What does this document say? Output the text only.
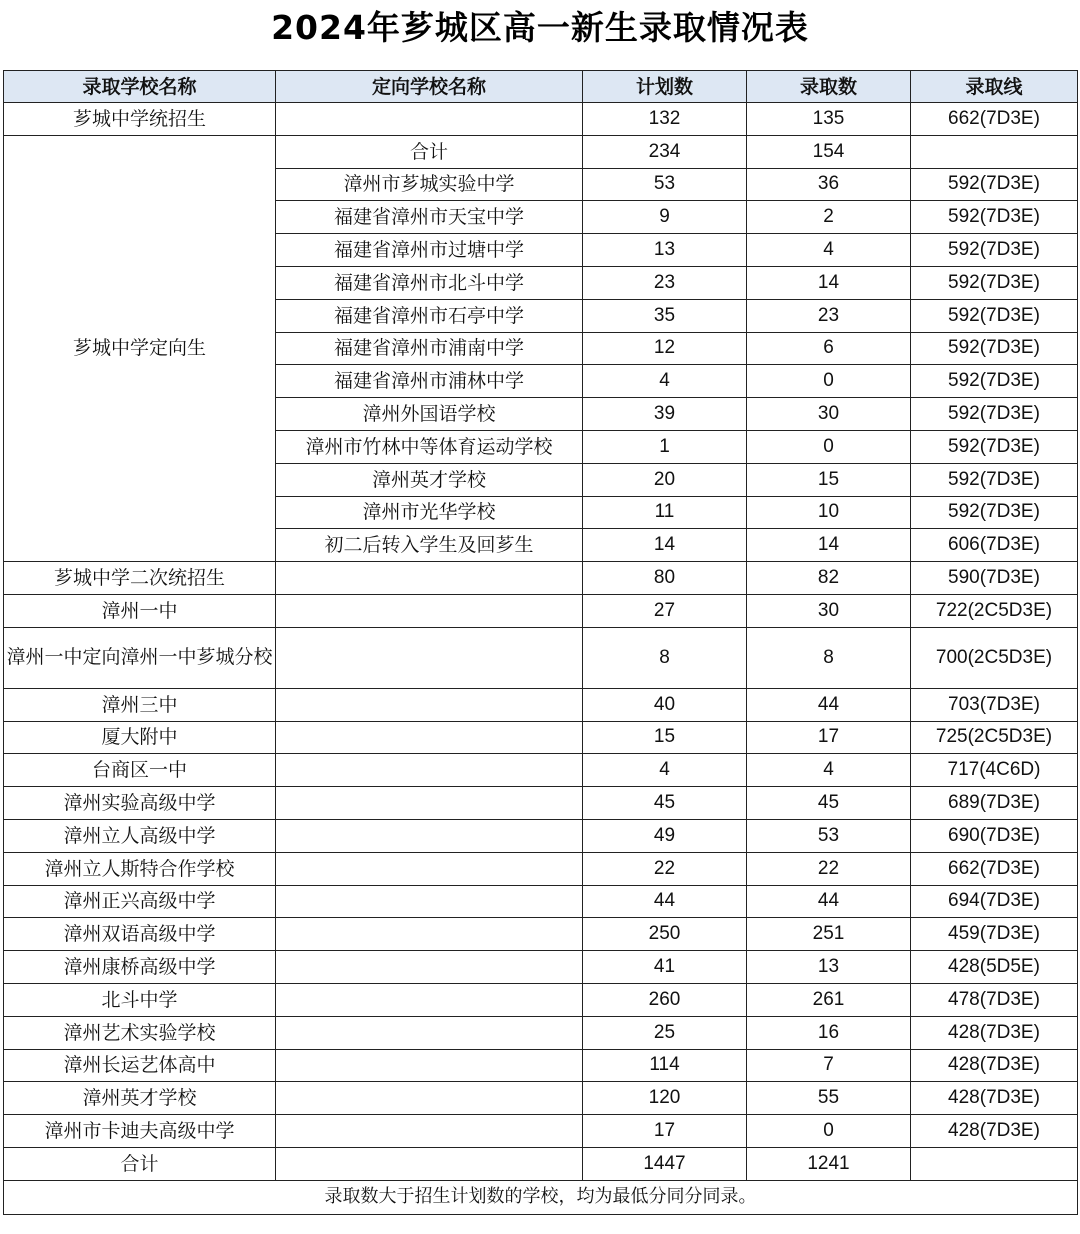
2024年芗城区高一新生录取情况表
录取学校名称	定向学校名称	计划数	录取数	录取线
芗城中学统招生		132	135	662(7D3E)
芗城中学定向生	合计	234	154	
	漳州市芗城实验中学	53	36	592(7D3E)
	福建省漳州市天宝中学	9	2	592(7D3E)
	福建省漳州市过塘中学	13	4	592(7D3E)
	福建省漳州市北斗中学	23	14	592(7D3E)
	福建省漳州市石亭中学	35	23	592(7D3E)
	福建省漳州市浦南中学	12	6	592(7D3E)
	福建省漳州市浦林中学	4	0	592(7D3E)
	漳州外国语学校	39	30	592(7D3E)
	漳州市竹林中等体育运动学校	1	0	592(7D3E)
	漳州英才学校	20	15	592(7D3E)
	漳州市光华学校	11	10	592(7D3E)
	初二后转入学生及回芗生	14	14	606(7D3E)
芗城中学二次统招生		80	82	590(7D3E)
漳州一中		27	30	722(2C5D3E)
漳州一中定向漳州一中芗城分校		8	8	700(2C5D3E)
漳州三中		40	44	703(7D3E)
厦大附中		15	17	725(2C5D3E)
台商区一中		4	4	717(4C6D)
漳州实验高级中学		45	45	689(7D3E)
漳州立人高级中学		49	53	690(7D3E)
漳州立人斯特合作学校		22	22	662(7D3E)
漳州正兴高级中学		44	44	694(7D3E)
漳州双语高级中学		250	251	459(7D3E)
漳州康桥高级中学		41	13	428(5D5E)
北斗中学		260	261	478(7D3E)
漳州艺术实验学校		25	16	428(7D3E)
漳州长运艺体高中		114	7	428(7D3E)
漳州英才学校		120	55	428(7D3E)
漳州市卡迪夫高级中学		17	0	428(7D3E)
合计		1447	1241	
录取数大于招生计划数的学校，均为最低分同分同录。				
